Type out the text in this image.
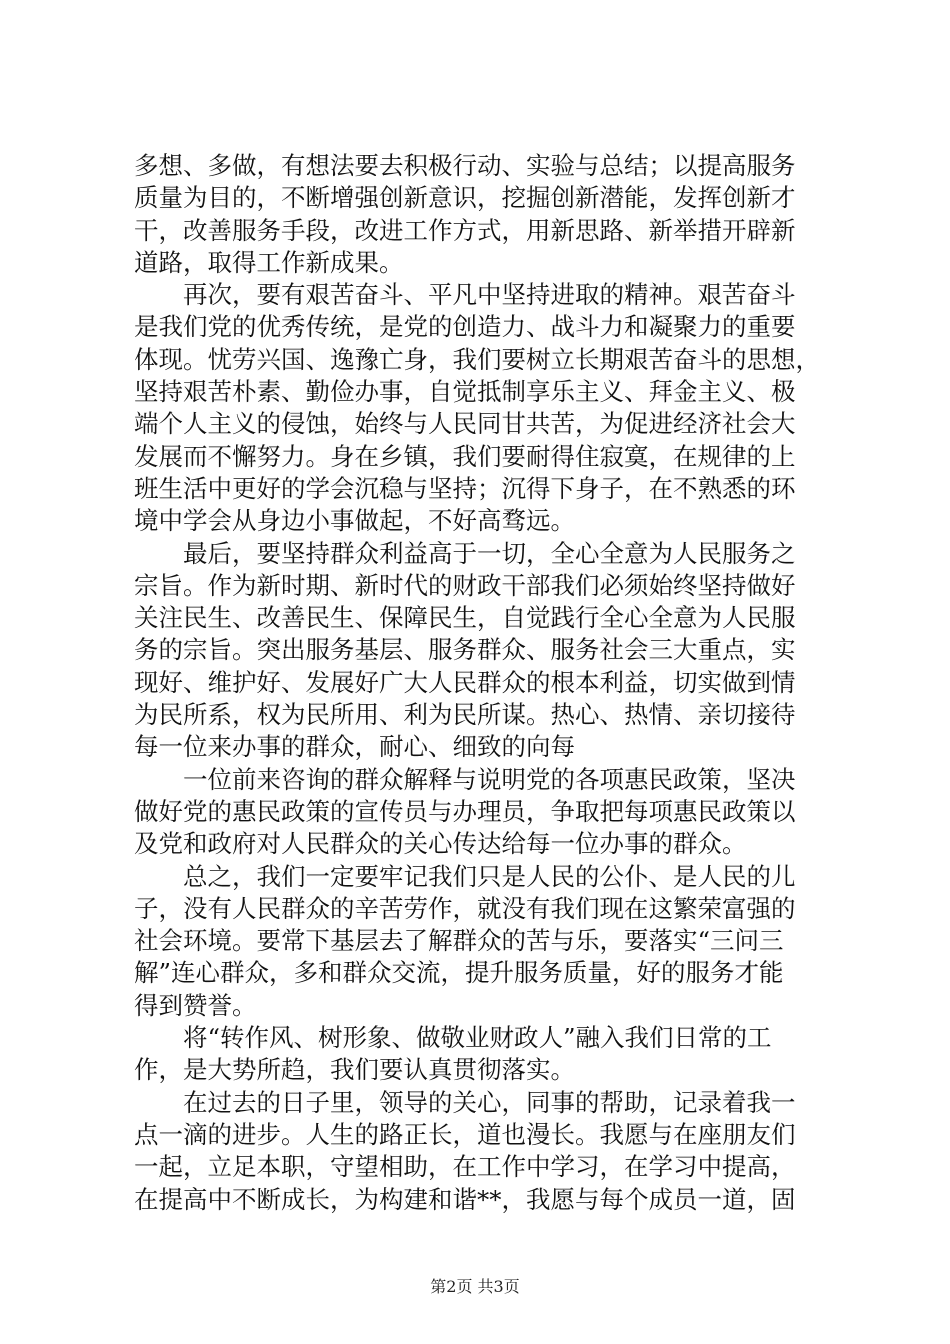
多想、多做，有想法要去积极行动、实验与总结；以提高服务
质量为目的，不断增强创新意识，挖掘创新潜能，发挥创新才
干，改善服务手段，改进工作方式，用新思路、新举措开辟新
道路，取得工作新成果。

再次，要有艰苦奋斗、平凡中坚持进取的精神。艰苦奋斗
是我们党的优秀传统，是党的创造力、战斗力和凝聚力的重要
体现。忧劳兴国、逸豫亡身，我们要树立长期艰苦奋斗的思想，
坚持艰苦朴素、勤俭办事，自觉抵制享乐主义、拜金主义、极
端个人主义的侵蚀，始终与人民同甘共苦，为促进经济社会大
发展而不懈努力。身在乡镇，我们要耐得住寂寞，在规律的上
班生活中更好的学会沉稳与坚持；沉得下身子，在不熟悉的环
境中学会从身边小事做起，不好高骛远。

最后，要坚持群众利益高于一切，全心全意为人民服务之
宗旨。作为新时期、新时代的财政干部我们必须始终坚持做好
关注民生、改善民生、保障民生，自觉践行全心全意为人民服
务的宗旨。突出服务基层、服务群众、服务社会三大重点，实
现好、维护好、发展好广大人民群众的根本利益，切实做到情
为民所系，权为民所用、利为民所谋。热心、热情、亲切接待
每一位来办事的群众，耐心、细致的向每

一位前来咨询的群众解释与说明党的各项惠民政策，坚决
做好党的惠民政策的宣传员与办理员，争取把每项惠民政策以
及党和政府对人民群众的关心传达给每一位办事的群众。

总之，我们一定要牢记我们只是人民的公仆、是人民的儿
子，没有人民群众的辛苦劳作，就没有我们现在这繁荣富强的
社会环境。要常下基层去了解群众的苦与乐，要落实“三问三
解”连心群众，多和群众交流，提升服务质量，好的服务才能
得到赞誉。

将“转作风、树形象、做敬业财政人”融入我们日常的工
作，是大势所趋，我们要认真贯彻落实。

在过去的日子里，领导的关心，同事的帮助，记录着我一
点一滴的进步。人生的路正长，道也漫长。我愿与在座朋友们
一起，立足本职，守望相助，在工作中学习，在学习中提高，
在提高中不断成长，为构建和谐**，我愿与每个成员一道，固

第2页 共3页
